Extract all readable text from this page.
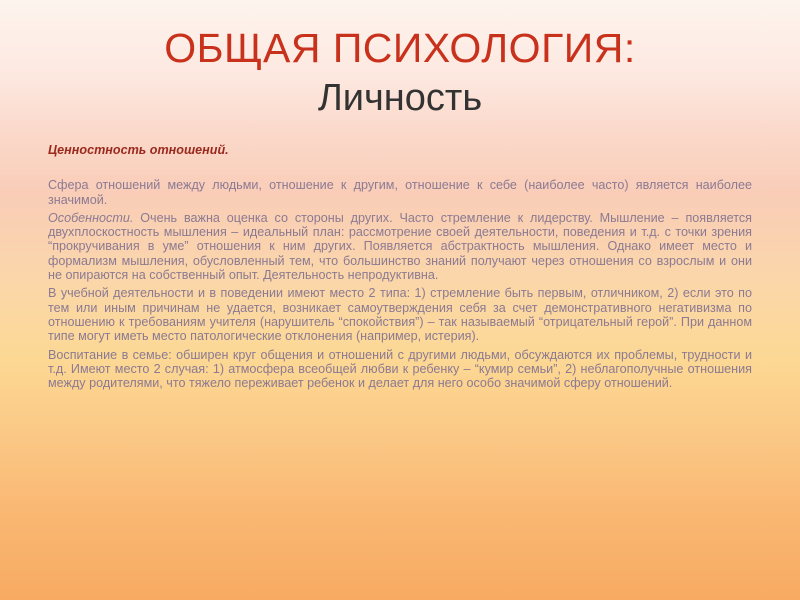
ОБЩАЯ ПСИХОЛОГИЯ:
Личность
Ценностность отношений.

Сфера отношений между людьми, отношение к другим, отношение к себе (наиболее часто) является наиболее значимой.

Особенности. Очень важна оценка со стороны других. Часто стремление к лидерству. Мышление – появляется двухплоскостность мышления – идеальный план: рассмотрение своей деятельности, поведения и т.д. с точки зрения “прокручивания в уме” отношения к ним других. Появляется абстрактность мышления. Однако имеет место и формализм мышления, обусловленный тем, что большинство знаний получают через отношения со взрослым и они не опираются на собственный опыт. Деятельность непродуктивна.

В учебной деятельности и в поведении имеют место 2 типа: 1) стремление быть первым, отличником, 2) если это по тем или иным причинам не удается, возникает самоутверждения себя за счет демонстративного негативизма по отношению к требованиям учителя (нарушитель “спокойствия”) – так называемый “отрицательный герой”. При данном типе могут иметь место патологические отклонения (например, истерия).

Воспитание в семье: обширен круг общения и отношений с другими людьми, обсуждаются их проблемы, трудности и т.д. Имеют место 2 случая: 1) атмосфера всеобщей любви к ребенку – “кумир семьи”, 2) неблагополучные отношения между родителями, что тяжело переживает ребенок и делает для него особо значимой сферу отношений.
